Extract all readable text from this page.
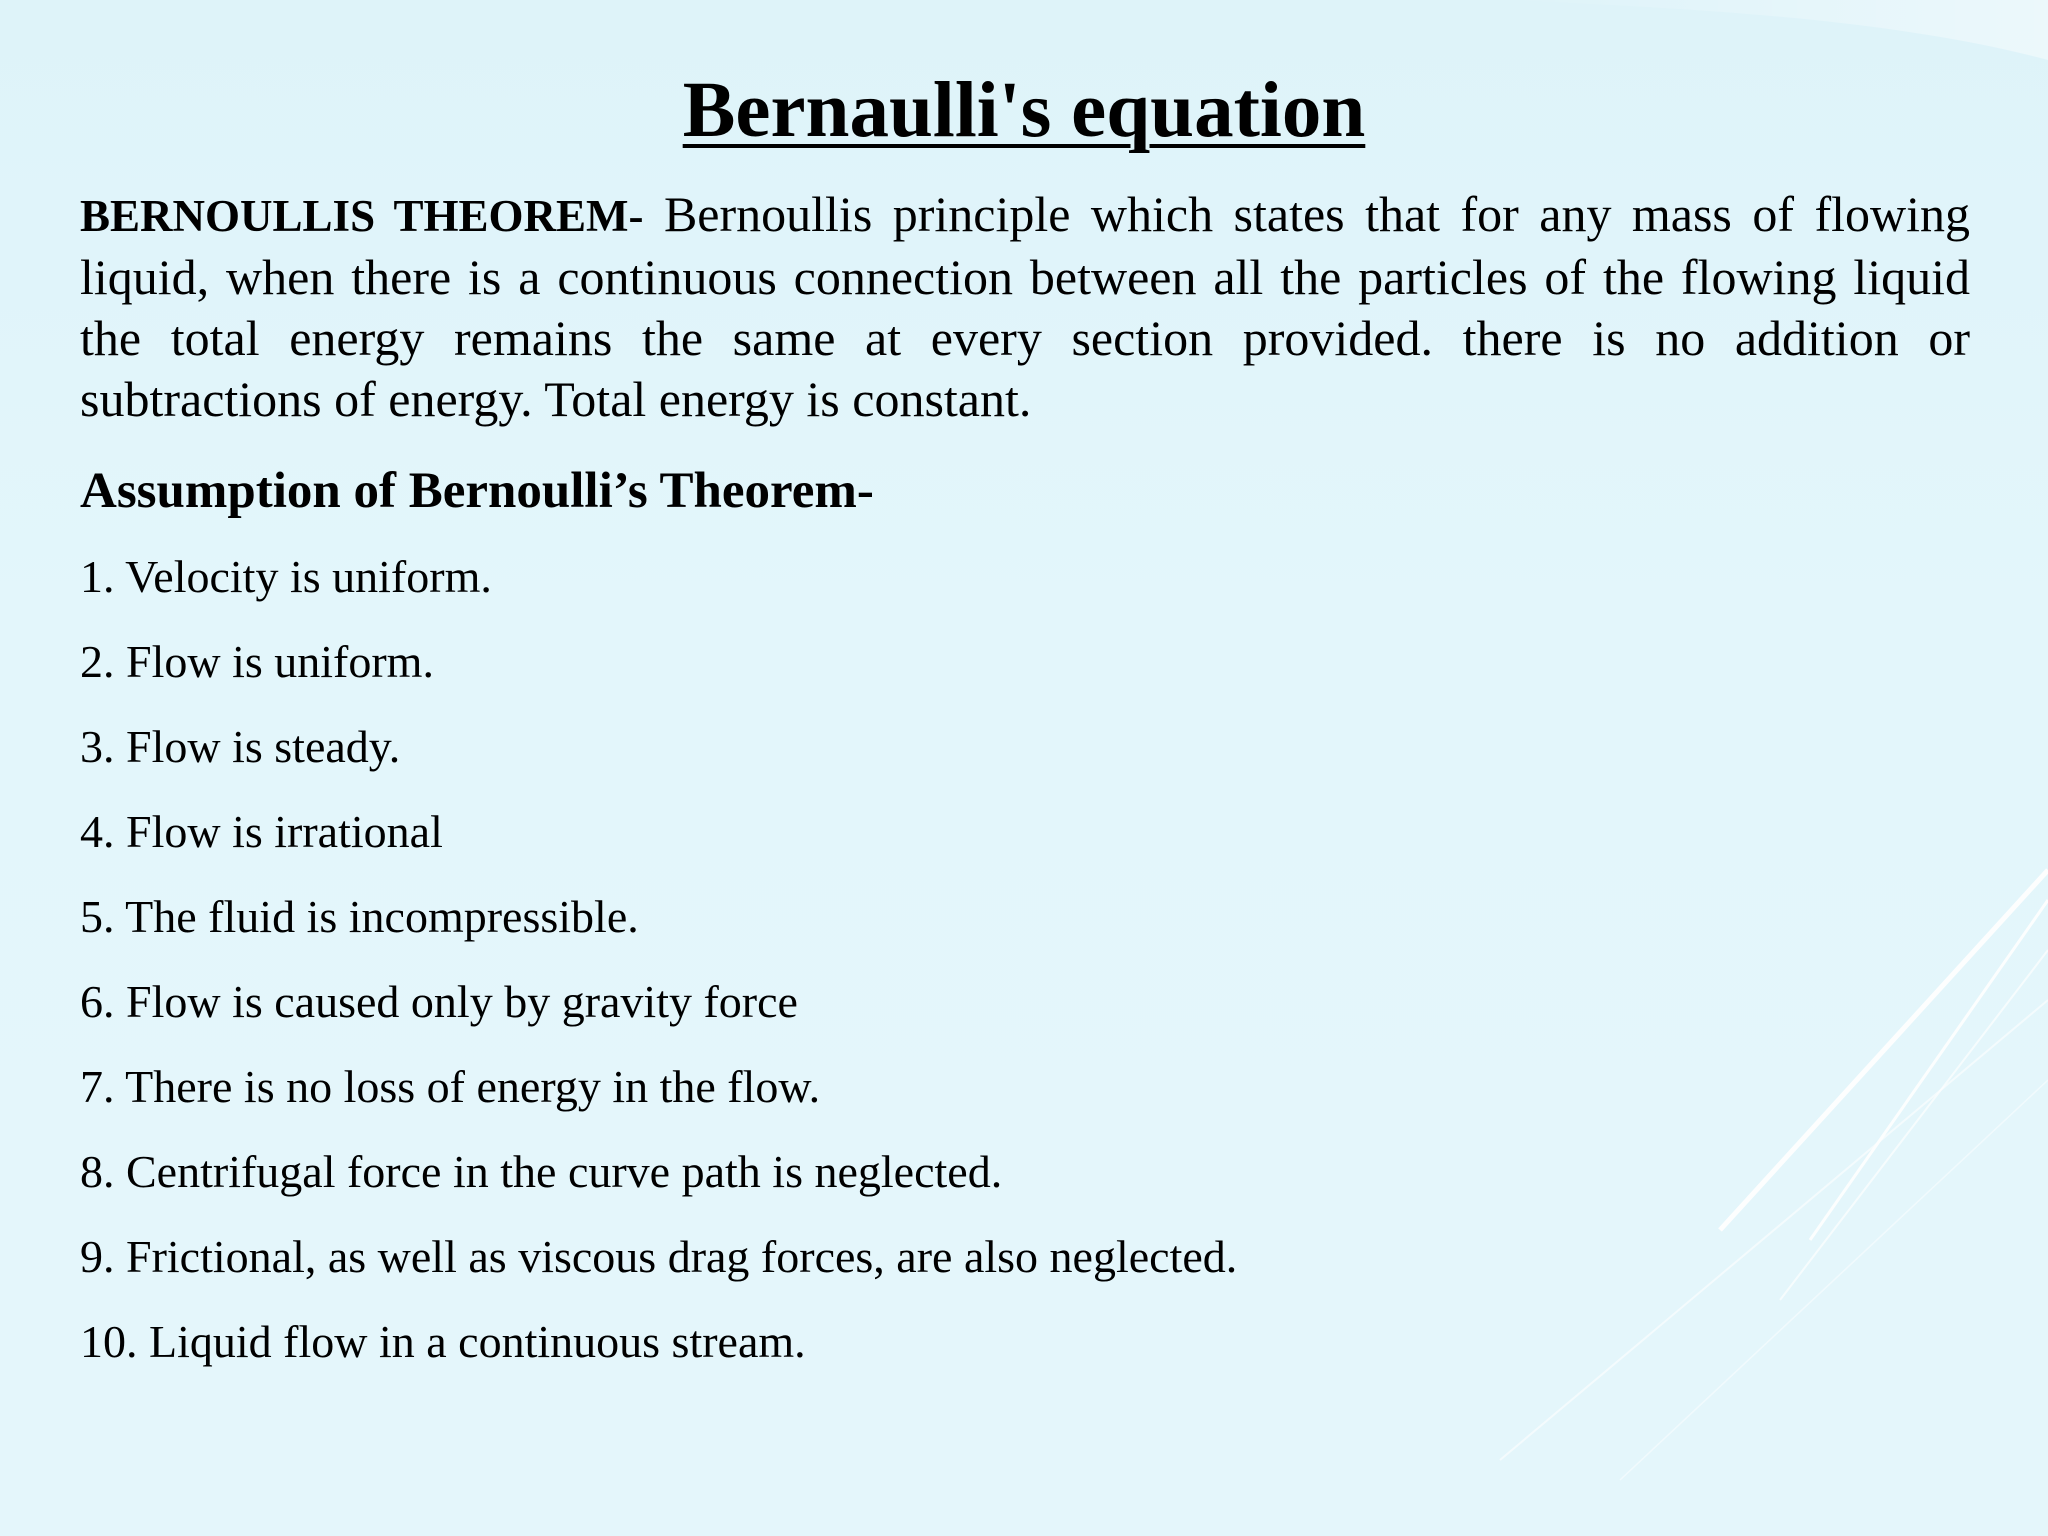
Bernaulli's equation
BERNOULLIS THEOREM- Bernoullis principle which states that for any mass of flowing liquid, when there is a continuous connection between all the particles of the flowing liquid the total energy remains the same at every section provided. there is no addition or subtractions of energy. Total energy is constant.
Assumption of Bernoulli’s Theorem-
1. Velocity is uniform.
2. Flow is uniform.
3. Flow is steady.
4. Flow is irrational
5. The fluid is incompressible.
6. Flow is caused only by gravity force
7. There is no loss of energy in the flow.
8. Centrifugal force in the curve path is neglected.
9. Frictional, as well as viscous drag forces, are also neglected.
10. Liquid flow in a continuous stream.
